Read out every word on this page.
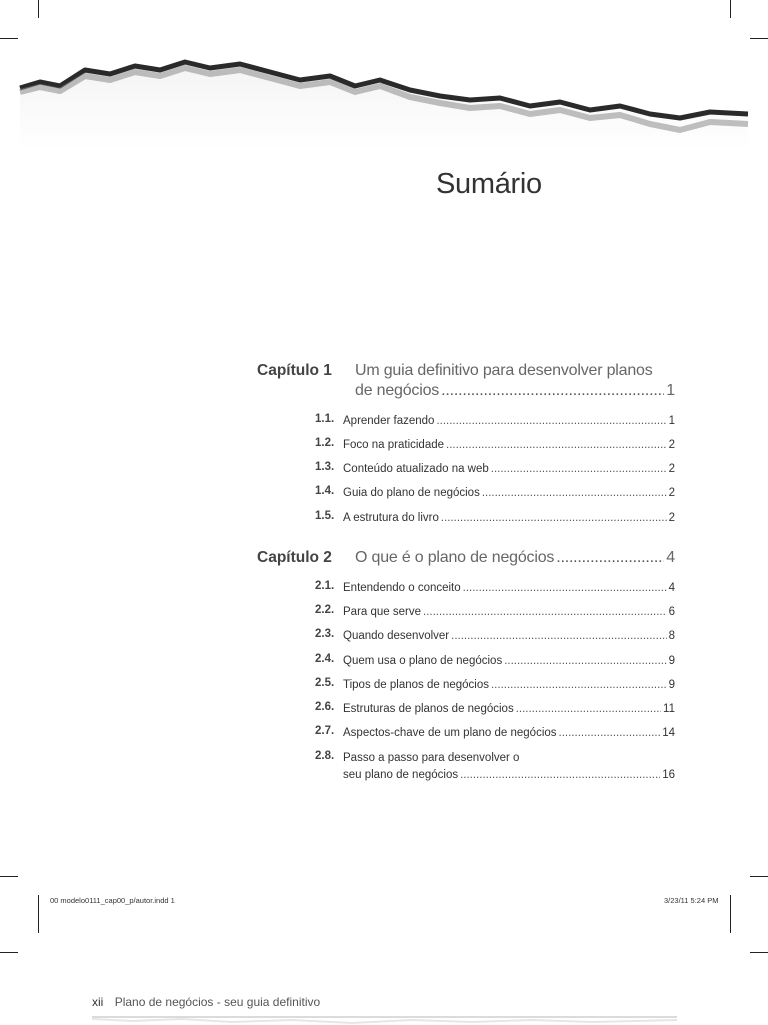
Sumário
Capítulo 1 Um guia definitivo para desenvolver planos
de negócios .....	1
1.1. Aprender fazendo .....	1
1.2. Foco na praticidade .....	2
1.3. Conteúdo atualizado na web .....	2
1.4. Guia do plano de negócios .....	2
1.5. A estrutura do livro .....	2
Capítulo 2 O que é o plano de negócios .....	4
2.1. Entendendo o conceito .....	4
2.2. Para que serve .....	6
2.3. Quando desenvolver .....	8
2.4. Quem usa o plano de negócios .....	9
2.5. Tipos de planos de negócios .....	9
2.6. Estruturas de planos de negócios .....	11
2.7. Aspectos-chave de um plano de negócios .....	14
2.8. Passo a passo para desenvolver o
seu plano de negócios .....	16
00 modelo0111_cap00_p/autor.indd 1	3/23/11 5:24 PM
xii Plano de negócios - seu guia definitivo
